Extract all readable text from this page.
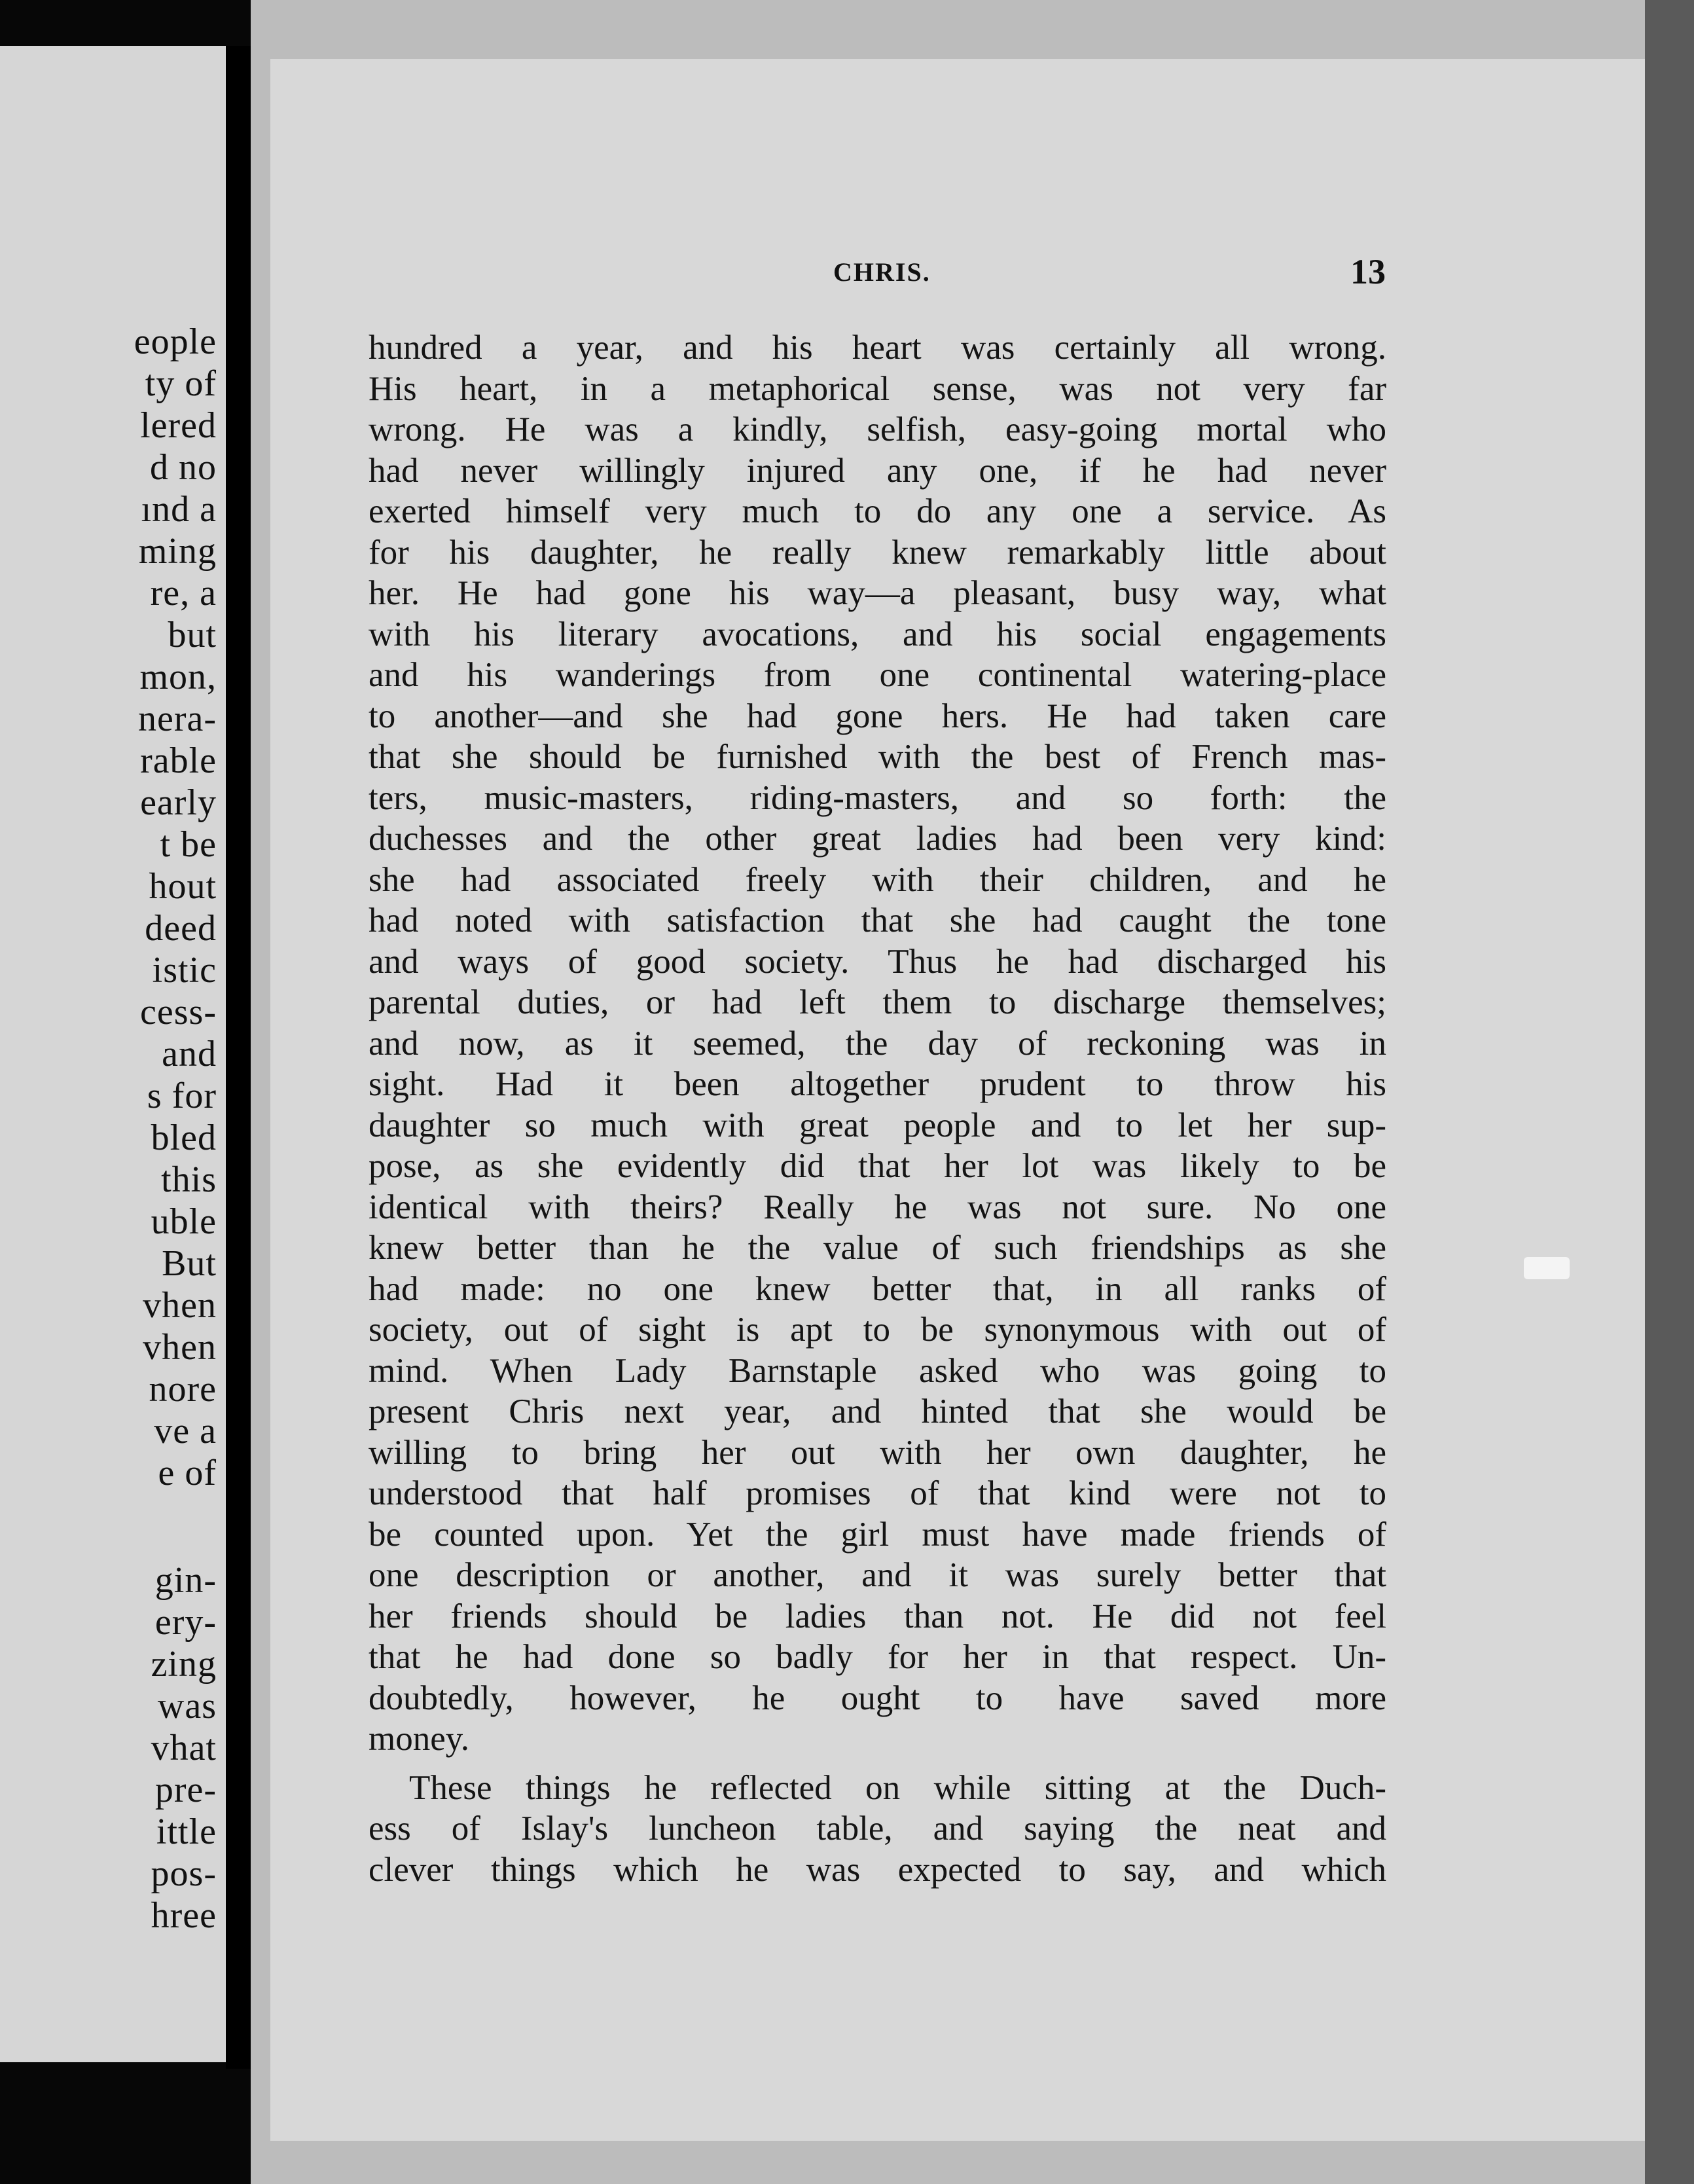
eople
ty of
lered
d no
ınd a
ming
re, a
but
mon,
nera-
rable
early
t be
hout
deed
istic
cess-
and
s for
bled
this
uble
But
vhen
vhen
nore
ve a
e of
gin-
ery-
zing
was
vhat
pre-
ittle
pos-
hree
CHRIS.	13
hundred a year, and his heart was certainly all wrong.
His heart, in a metaphorical sense, was not very far
wrong. He was a kindly, selfish, easy-going mortal who
had never willingly injured any one, if he had never
exerted himself very much to do any one a service. As
for his daughter, he really knew remarkably little about
her. He had gone his way—a pleasant, busy way, what
with his literary avocations, and his social engagements
and his wanderings from one continental watering-place
to another—and she had gone hers. He had taken care
that she should be furnished with the best of French mas-
ters, music-masters, riding-masters, and so forth: the
duchesses and the other great ladies had been very kind:
she had associated freely with their children, and he
had noted with satisfaction that she had caught the tone
and ways of good society. Thus he had discharged his
parental duties, or had left them to discharge themselves;
and now, as it seemed, the day of reckoning was in
sight. Had it been altogether prudent to throw his
daughter so much with great people and to let her sup-
pose, as she evidently did that her lot was likely to be
identical with theirs? Really he was not sure. No one
knew better than he the value of such friendships as she
had made: no one knew better that, in all ranks of
society, out of sight is apt to be synonymous with out of
mind. When Lady Barnstaple asked who was going to
present Chris next year, and hinted that she would be
willing to bring her out with her own daughter, he
understood that half promises of that kind were not to
be counted upon. Yet the girl must have made friends of
one description or another, and it was surely better that
her friends should be ladies than not. He did not feel
that he had done so badly for her in that respect. Un-
doubtedly, however, he ought to have saved more
money.
These things he reflected on while sitting at the Duch-
ess of Islay's luncheon table, and saying the neat and
clever things which he was expected to say, and which
